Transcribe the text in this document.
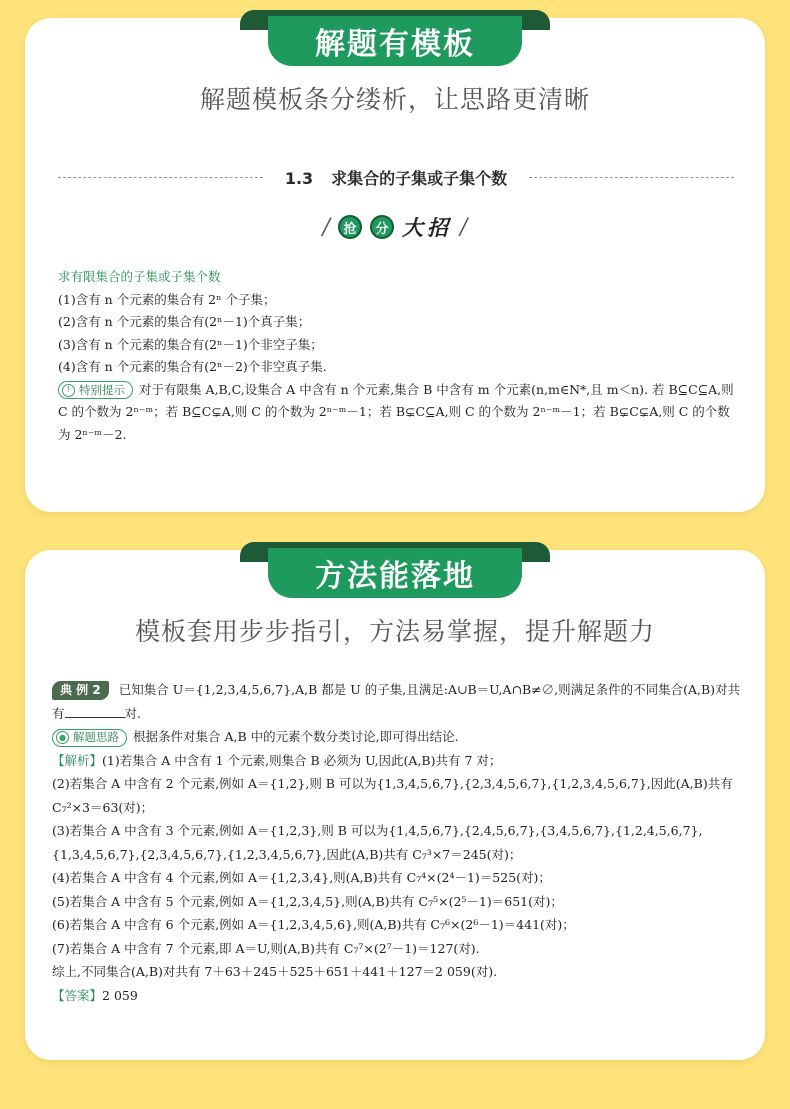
解题有模板
解题模板条分缕析，让思路更清晰
1.3 求集合的子集或子集个数
/	抢	分 大招 /
求有限集合的子集或子集个数
(1)含有 n 个元素的集合有 2ⁿ 个子集；
(2)含有 n 个元素的集合有(2ⁿ－1)个真子集；
(3)含有 n 个元素的集合有(2ⁿ－1)个非空子集；
(4)含有 n 个元素的集合有(2ⁿ－2)个非空真子集.
! 特别提示 对于有限集 A,B,C,设集合 A 中含有 n 个元素,集合 B 中含有 m 个元素(n,m∈N*,且 m＜n). 若 B⊆C⊆A,则 C 的个数为 2ⁿ⁻ᵐ；若 B⊆C⊊A,则 C 的个数为 2ⁿ⁻ᵐ－1；若 B⊊C⊆A,则 C 的个数为 2ⁿ⁻ᵐ－1；若 B⊊C⊊A,则 C 的个数为 2ⁿ⁻ᵐ－2.
方法能落地
模板套用步步指引，方法易掌握，提升解题力
典 例 2 已知集合 U＝{1,2,3,4,5,6,7},A,B 都是 U 的子集,且满足:A∪B＝U,A∩B≠∅,则满足条件的不同集合(A,B)对共有	对.
● 解题思路 根据条件对集合 A,B 中的元素个数分类讨论,即可得出结论.
【解析】(1)若集合 A 中含有 1 个元素,则集合 B 必须为 U,因此(A,B)共有 7 对；
(2)若集合 A 中含有 2 个元素,例如 A＝{1,2},则 B 可以为{1,3,4,5,6,7},{2,3,4,5,6,7},{1,2,3,4,5,6,7},因此(A,B)共有 C₇²×3＝63(对)；
(3)若集合 A 中含有 3 个元素,例如 A＝{1,2,3},则 B 可以为{1,4,5,6,7},{2,4,5,6,7},{3,4,5,6,7},{1,2,4,5,6,7},{1,3,4,5,6,7},{2,3,4,5,6,7},{1,2,3,4,5,6,7},因此(A,B)共有 C₇³×7＝245(对)；
(4)若集合 A 中含有 4 个元素,例如 A＝{1,2,3,4},则(A,B)共有 C₇⁴×(2⁴－1)＝525(对)；
(5)若集合 A 中含有 5 个元素,例如 A＝{1,2,3,4,5},则(A,B)共有 C₇⁵×(2⁵－1)＝651(对)；
(6)若集合 A 中含有 6 个元素,例如 A＝{1,2,3,4,5,6},则(A,B)共有 C₇⁶×(2⁶－1)＝441(对)；
(7)若集合 A 中含有 7 个元素,即 A＝U,则(A,B)共有 C₇⁷×(2⁷－1)＝127(对).
综上,不同集合(A,B)对共有 7＋63＋245＋525＋651＋441＋127＝2 059(对).
【答案】2 059
